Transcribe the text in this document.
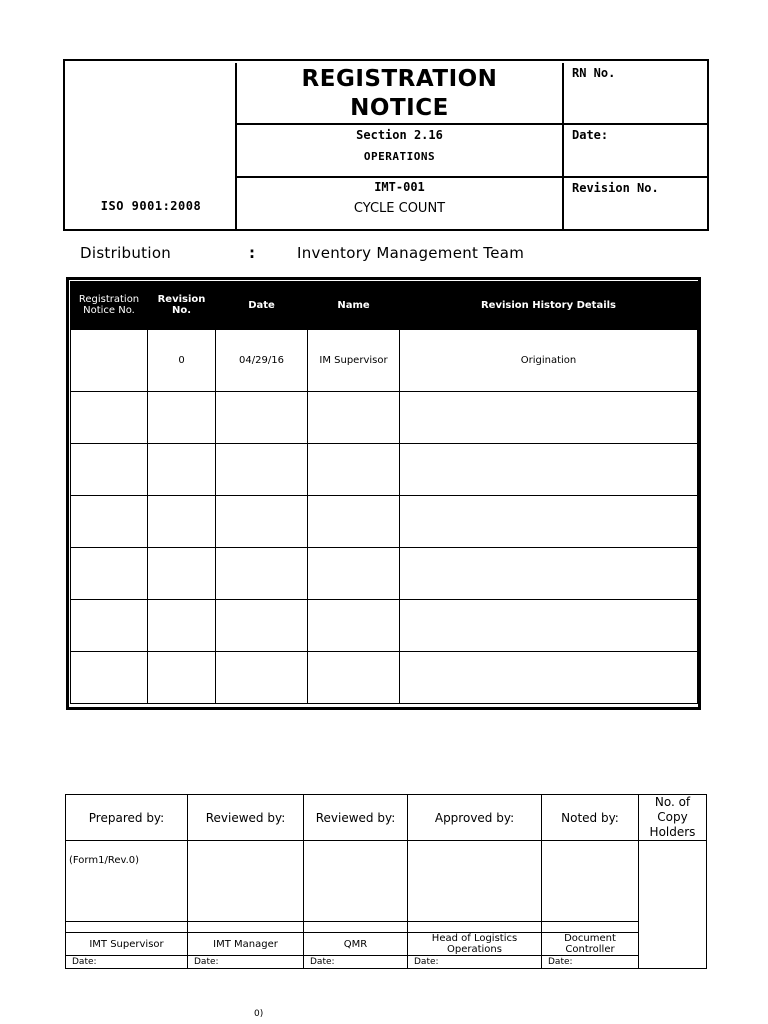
ISO 9001:2008
REGISTRATION
NOTICE
Section 2.16
OPERATIONS
IMT-001
CYCLE COUNT
RN No.
Date:
Revision No.
Distribution	:	Inventory Management Team
Registration Notice No.	Revision No.	Date	Name	Revision History Details
	0	04/29/16	IM Supervisor	Origination

Prepared by:	Reviewed by:	Reviewed by:	Approved by:	Noted by:	No. of Copy Holders
(Form1/Rev.0)					

IMT Supervisor	IMT Manager	QMR	Head of Logistics Operations	Document Controller	
Date:	Date:	Date:	Date:	Date:	
0)
